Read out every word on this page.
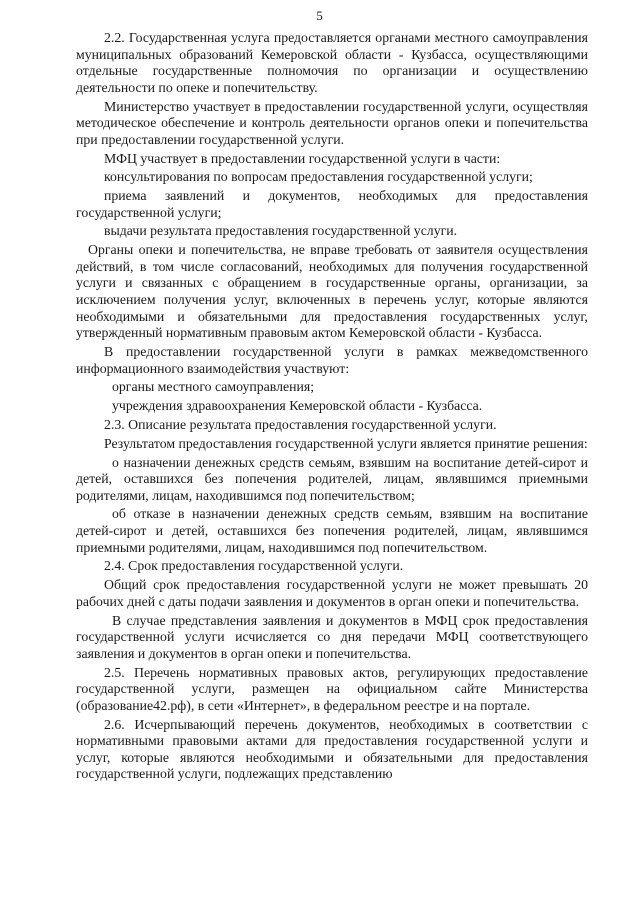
5

2.2. Государственная услуга предоставляется органами местного самоуправления муниципальных образований Кемеровской области - Кузбасса, осуществляющими отдельные государственные полномочия по организации и осуществлению деятельности по опеке и попечительству.

Министерство участвует в предоставлении государственной услуги, осуществляя методическое обеспечение и контроль деятельности органов опеки и попечительства при предоставлении государственной услуги.

МФЦ участвует в предоставлении государственной услуги в части:

консультирования по вопросам предоставления государственной услуги;

приема заявлений и документов, необходимых для предоставления государственной услуги;

выдачи результата предоставления государственной услуги.

Органы опеки и попечительства, не вправе требовать от заявителя осуществления действий, в том числе согласований, необходимых для получения государственной услуги и связанных с обращением в государственные органы, организации, за исключением получения услуг, включенных в перечень услуг, которые являются необходимыми и обязательными для предоставления государственных услуг, утвержденный нормативным правовым актом Кемеровской области - Кузбасса.

В предоставлении государственной услуги в рамках межведомственного информационного взаимодействия участвуют:

органы местного самоуправления;

учреждения здравоохранения Кемеровской области - Кузбасса.

2.3. Описание результата предоставления государственной услуги.

Результатом предоставления государственной услуги является принятие решения:

о назначении денежных средств семьям, взявшим на воспитание детей-сирот и детей, оставшихся без попечения родителей, лицам, являвшимся приемными родителями, лицам, находившимся под попечительством;

об отказе в назначении денежных средств семьям, взявшим на воспитание детей-сирот и детей, оставшихся без попечения родителей, лицам, являвшимся приемными родителями, лицам, находившимся под попечительством.

2.4. Срок предоставления государственной услуги.

Общий срок предоставления государственной услуги не может превышать 20 рабочих дней с даты подачи заявления и документов в орган опеки и попечительства.

В случае представления заявления и документов в МФЦ срок предоставления государственной услуги исчисляется со дня передачи МФЦ соответствующего заявления и документов в орган опеки и попечительства.

2.5. Перечень нормативных правовых актов, регулирующих предоставление государственной услуги, размещен на официальном сайте Министерства (образование42.рф), в сети «Интернет», в федеральном реестре и на портале.

2.6. Исчерпывающий перечень документов, необходимых в соответствии с нормативными правовыми актами для предоставления государственной услуги и услуг, которые являются необходимыми и обязательными для предоставления государственной услуги, подлежащих представлению
